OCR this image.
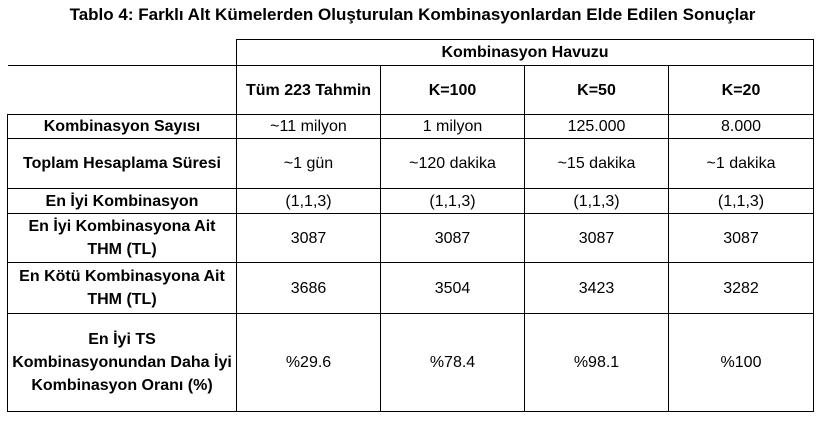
Tablo 4: Farklı Alt Kümelerden Oluşturulan Kombinasyonlardan Elde Edilen Sonuçlar
	Kombinasyon Havuzu			
	Tüm 223 Tahmin	K=100	K=50	K=20
Kombinasyon Sayısı	~11 milyon	1 milyon	125.000	8.000
Toplam Hesaplama Süresi	~1 gün	~120 dakika	~15 dakika	~1 dakika
En İyi Kombinasyon	(1,1,3)	(1,1,3)	(1,1,3)	(1,1,3)
En İyi Kombinasyona Ait THM (TL)	3087	3087	3087	3087
En Kötü Kombinasyona Ait THM (TL)	3686	3504	3423	3282
En İyi TS Kombinasyonundan Daha İyi Kombinasyon Oranı (%)	%29.6	%78.4	%98.1	%100
